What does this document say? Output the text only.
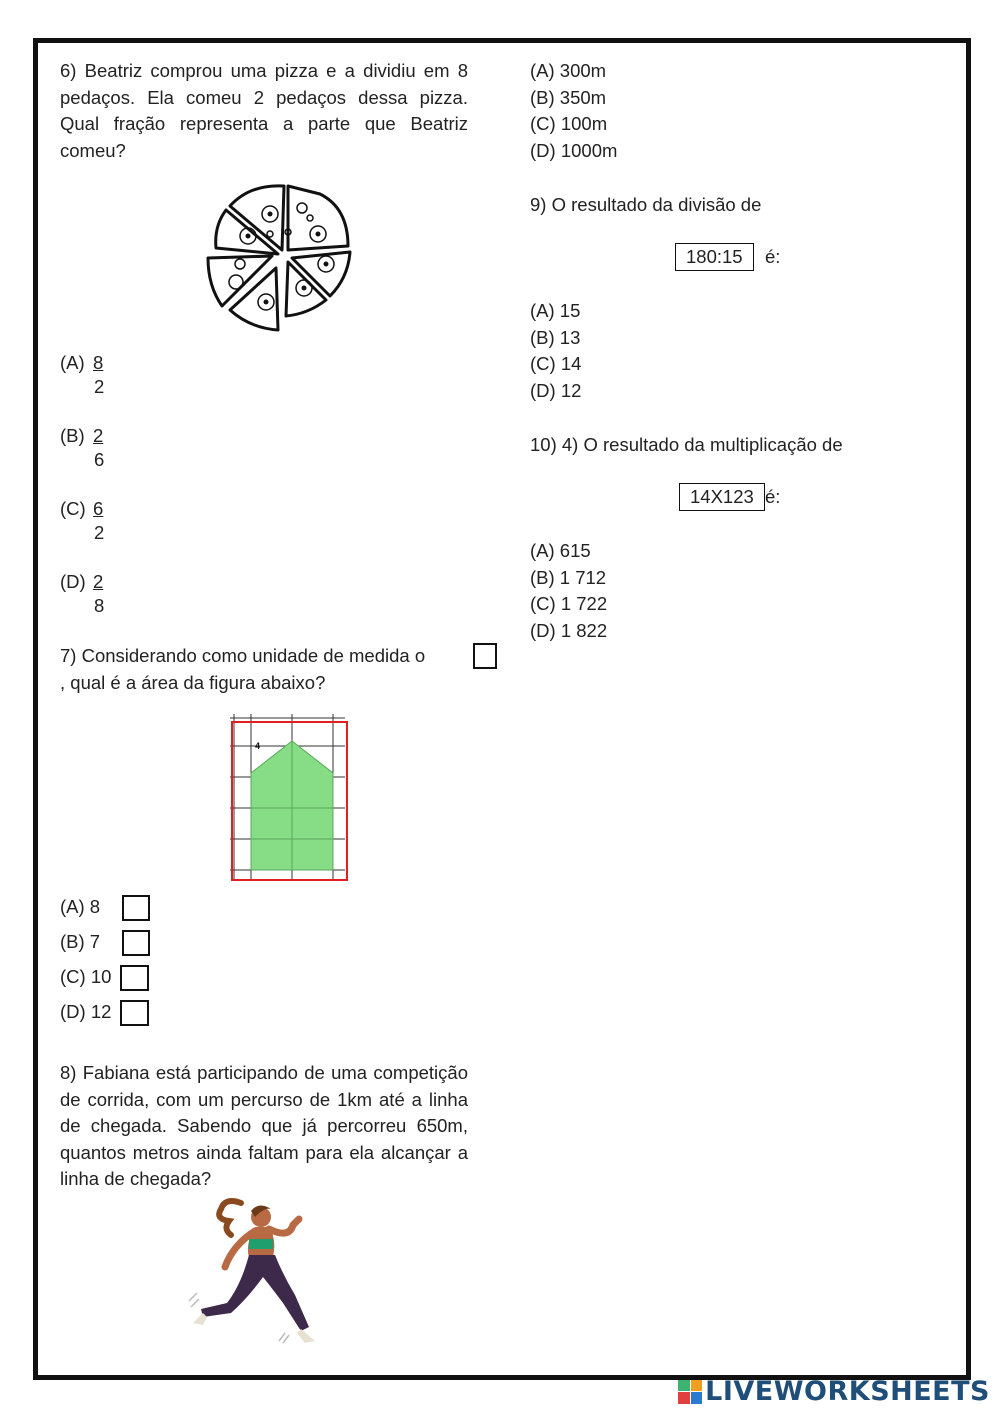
6) Beatriz comprou uma pizza e a dividiu em 8 pedaços. Ela comeu 2 pedaços dessa pizza. Qual fração representa a parte que Beatriz comeu?
(A) 8
2
(B) 2
6
(C) 6
2
(D) 2
8
7) Considerando como unidade de medida o
, qual é a área da figura abaixo?
4
(A) 8
(B) 7
(C) 10
(D) 12
8) Fabiana está participando de uma competição de corrida, com um percurso de 1km até a linha de chegada. Sabendo que já percorreu 650m, quantos metros ainda faltam para ela alcançar a linha de chegada?
(A) 300m
(B) 350m
(C) 100m
(D) 1000m
9) O resultado da divisão de
180:15	é:
(A) 15
(B) 13
(C) 14
(D) 12
10) 4) O resultado da multiplicação de
14X123 é:
(A) 615
(B) 1 712
(C) 1 722
(D) 1 822
LIVEWORKSHEETS
